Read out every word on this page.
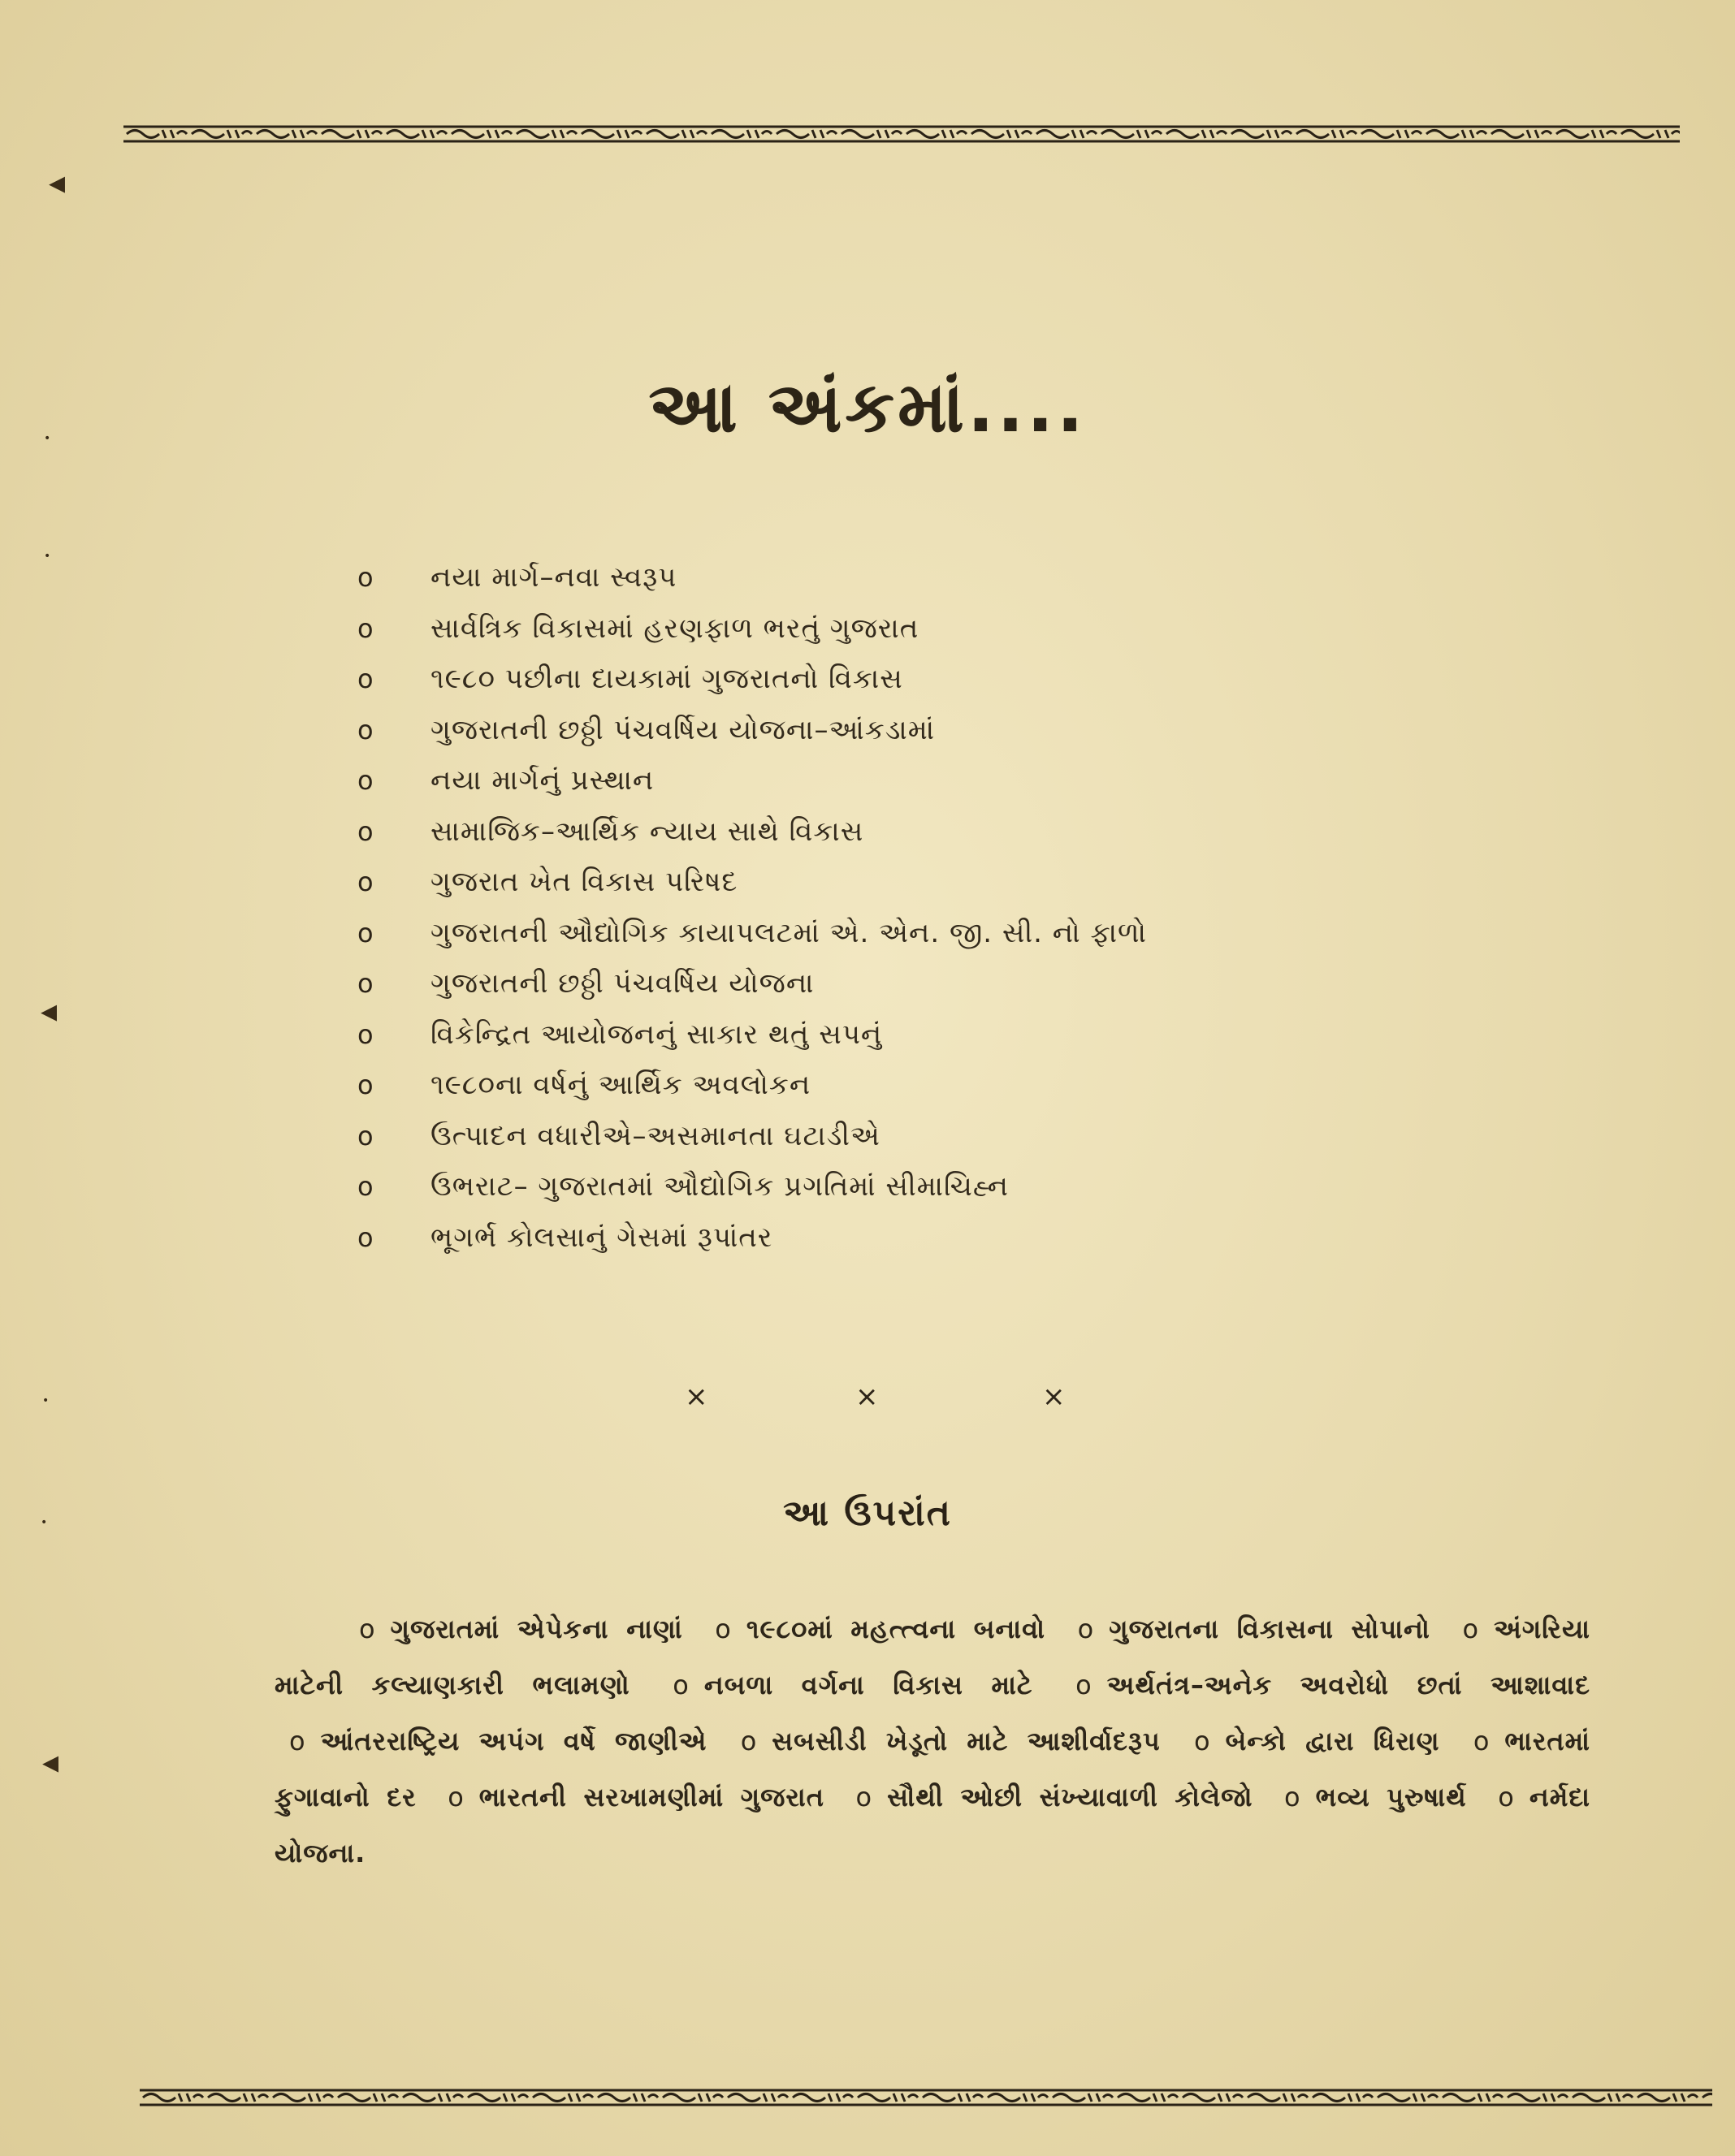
◂
•
•
◂
•
•
◂
આ અંકમાં....
o	નયા માર્ગ–નવા સ્વરૂપ
o	સાર્વત્રિક વિકાસમાં હરણફાળ ભરતું ગુજરાત
o	૧૯૮૦ પછીના દાયકામાં ગુજરાતનો વિકાસ
o	ગુજરાતની છઠ્ઠી પંચવર્ષિય યોજના–આંકડામાં
o	નયા માર્ગનું પ્રસ્થાન
o	સામાજિક–આર્થિક ન્યાય સાથે વિકાસ
o	ગુજરાત ખેત વિકાસ પરિષદ
o	ગુજરાતની ઔદ્યોગિક કાયાપલટમાં એ. એન. જી. સી. નો ફાળો
o	ગુજરાતની છઠ્ઠી પંચવર્ષિય યોજના
o	વિકેન્દ્રિત આયોજનનું સાકાર થતું સપનું
o	૧૯૮૦ના વર્ષનું આર્થિક અવલોકન
o	ઉત્પાદન વધારીએ–અસમાનતા ઘટાડીએ
o	ઉભરાટ– ગુજરાતમાં ઔદ્યોગિક પ્રગતિમાં સીમાચિહ્ન
o	ભૂગર્ભ કોલસાનું ગેસમાં રૂપાંતર
×	×	×
આ ઉપરાંત
o ગુજરાતમાં એપેકના નાણાં o ૧૯૮૦માં મહત્ત્વના બનાવો o ગુજરાતના વિકાસના સોપાનો o અંગરિયા માટેની કલ્યાણકારી ભલામણો o નબળા વર્ગના વિકાસ માટે o અર્થતંત્ર–અનેક અવરોધો છતાં આશાવાદ o આંતરરાષ્ટ્રિય અપંગ વર્ષે જાણીએ o સબસીડી ખેડૂતો માટે આશીર્વાદરૂપ o બેન્કો દ્વારા ધિરાણ o ભારતમાં ફુગાવાનો દર o ભારતની સરખામણીમાં ગુજરાત o સૌથી ઓછી સંખ્યાવાળી કોલેજો o ભવ્ય પુરુષાર્થ o નર્મદા યોજના.
